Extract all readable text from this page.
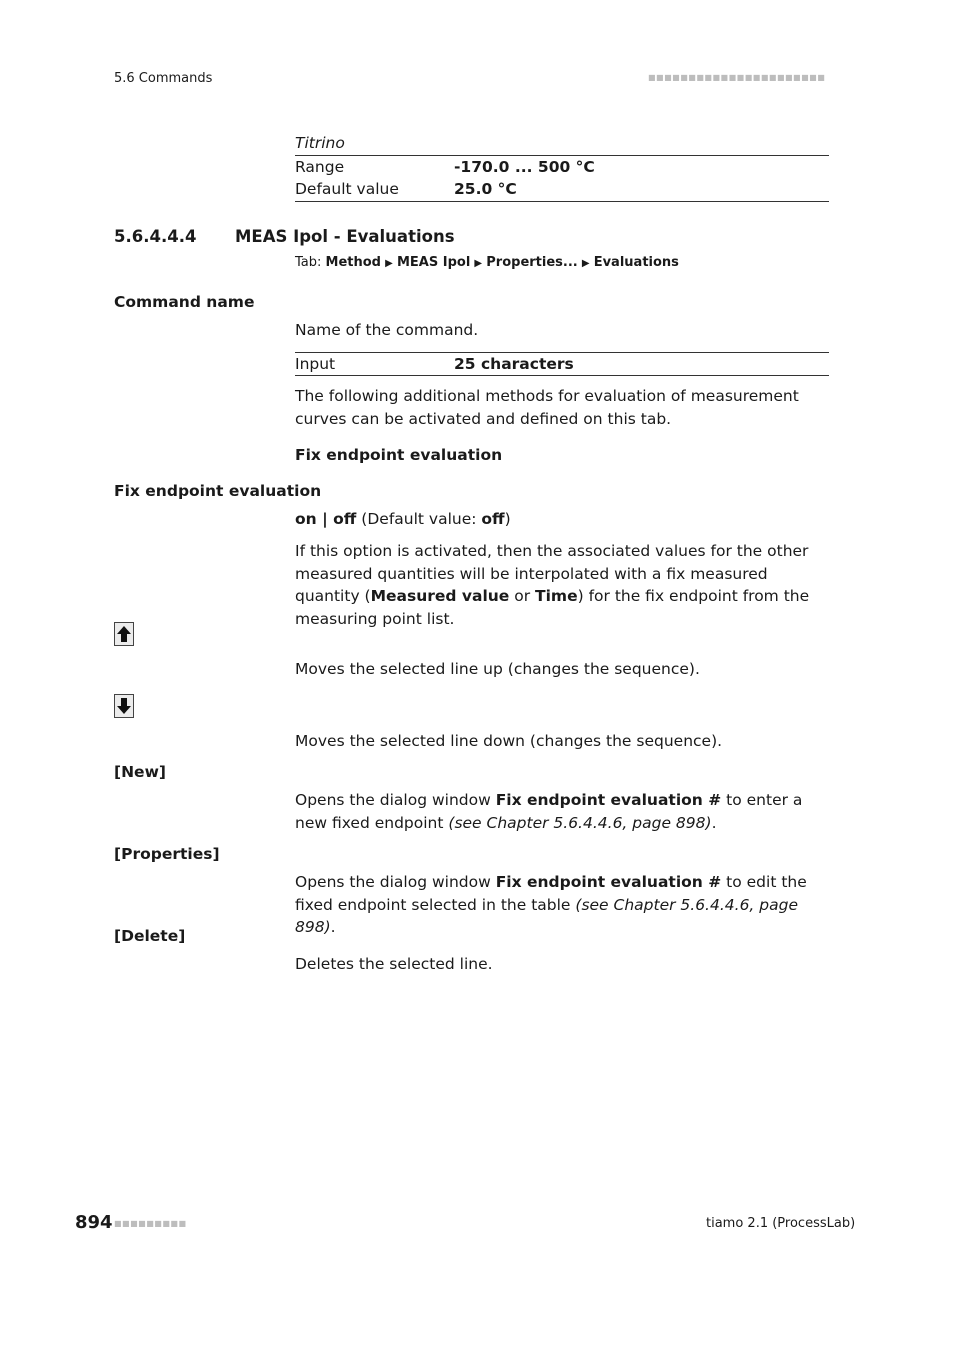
5.6 Commands	■■■■■■■■■■■■■■■■■■■■■■
Titrino
Range	-170.0 ... 500 °C
Default value	25.0 °C
5.6.4.4.4 MEAS Ipol - Evaluations
Tab: Method ▶ MEAS Ipol ▶ Properties... ▶ Evaluations
Command name
Name of the command.
Input	25 characters
The following additional methods for evaluation of measurement curves can be activated and defined on this tab.
Fix endpoint evaluation
Fix endpoint evaluation
on | off (Default value: off)
If this option is activated, then the associated values for the other measured quantities will be interpolated with a fix measured quantity (Measured value or Time) for the fix endpoint from the measuring point list.
Moves the selected line up (changes the sequence).
Moves the selected line down (changes the sequence).
[New]
Opens the dialog window Fix endpoint evaluation # to enter a new fixed endpoint (see Chapter 5.6.4.4.6, page 898).
[Properties]
Opens the dialog window Fix endpoint evaluation # to edit the fixed endpoint selected in the table (see Chapter 5.6.4.4.6, page 898).
[Delete]
Deletes the selected line.
894 ■■■■■■■■■	tiamo 2.1 (ProcessLab)
